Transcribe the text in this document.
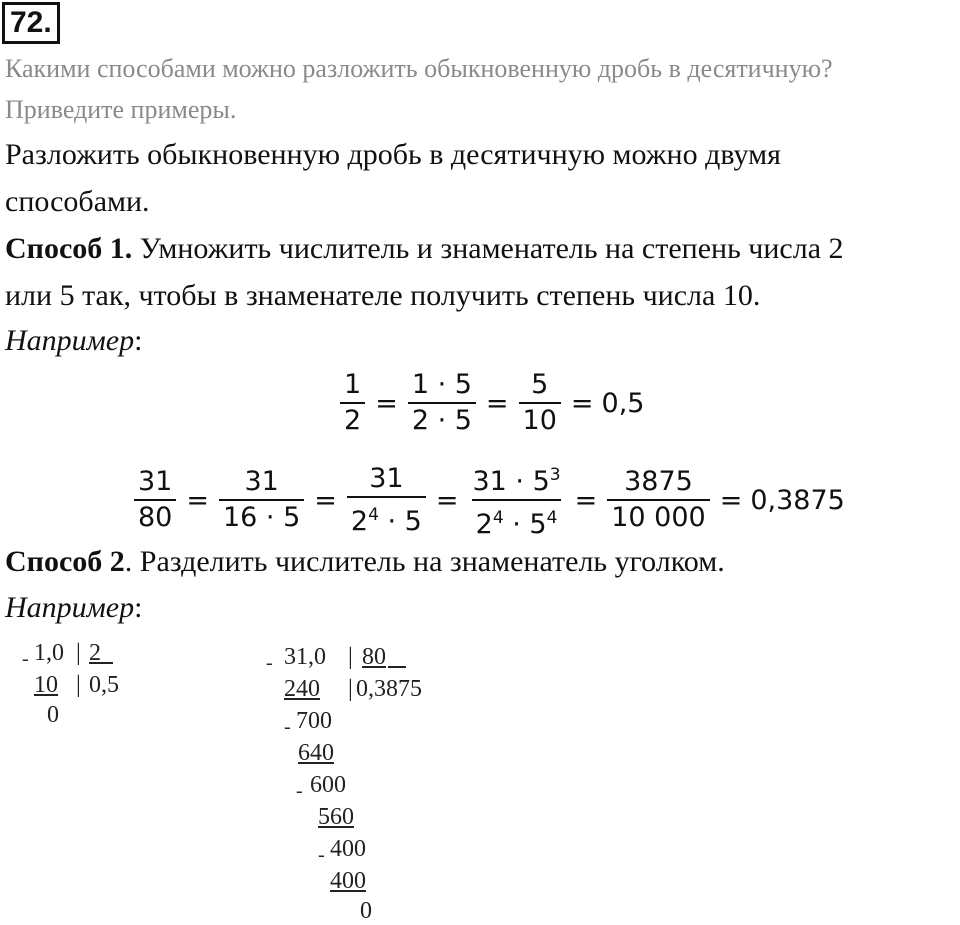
72.
Какими способами можно разложить обыкновенную дробь в десятичную?
Приведите примеры.
Разложить обыкновенную дробь в десятичную можно двумя
способами.
Способ 1. Умножить числитель и знаменатель на степень числа 2
или 5 так, чтобы в знаменателе получить степень числа 10.
Например:
$\frac{1}{2} = \frac{1 \cdot 5}{2 \cdot 5} = \frac{5}{10} = 0,5$
$\frac{31}{80} = \frac{31}{16 \cdot 5} = \frac{31}{2^4 \cdot 5} = \frac{31 \cdot 5^3}{2^4 \cdot 5^4} = \frac{3875}{10 000} = 0,3875$
Способ 2. Разделить числитель на знаменатель уголком.
Например:
- 1,0 | 2

10 | 0,5
0
- 31,0 | 80

240 | 0,3875
- 700
640
- 600
560
- 400
400
0
